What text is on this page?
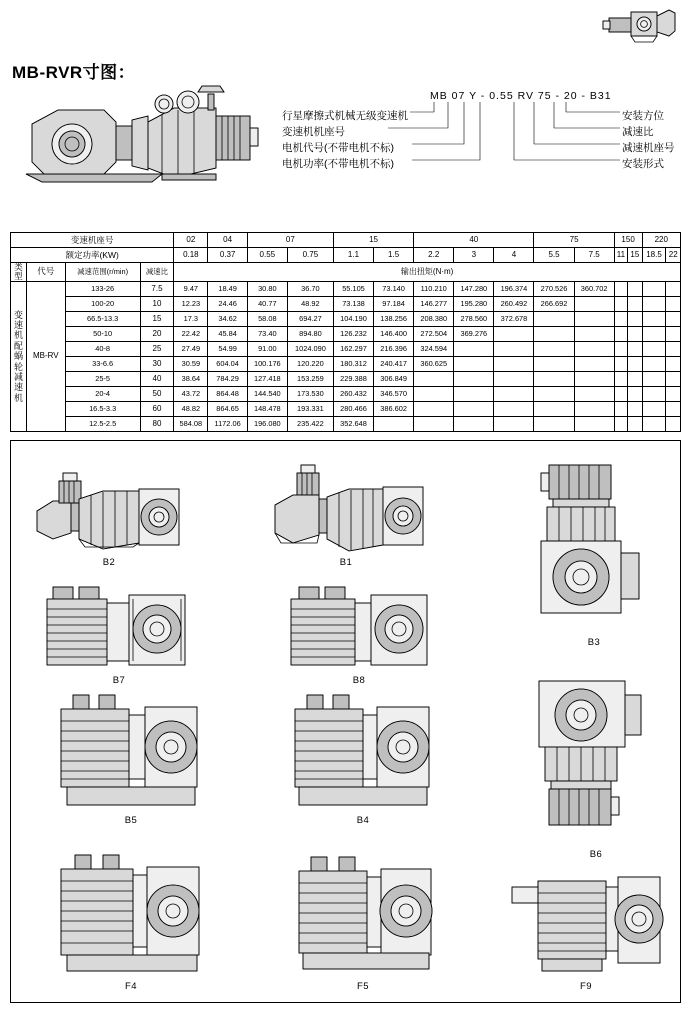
MB-RVR寸图：
MB 07 Y - 0.55 RV 75 - 20 - B31
行星摩擦式机械无级变速机
变速机机座号
电机代号(不带电机不标)
电机功率(不带电机不标)
安装方位
减速比
减速机座号
安装形式
变速机座号				02	04	07		15		40			75		150		220	
额定功率(KW)				0.18	0.37	0.55	0.75	1.1	1.5	2.2	3	4	5.5	7.5	11	15	18.5	22
类型	代号	减速范围(r/min)	减速比	输出扭矩(N·m)														
变速机配蜗轮减速机	MB-RV	133-26	7.5	9.47	18.49	30.80	36.70	55.105	73.140	110.210	147.280	196.374	270.526	360.702				
		100-20	10	12.23	24.46	40.77	48.92	73.138	97.184	146.277	195.280	260.492	266.692					
		66.5-13.3	15	17.3	34.62	58.08	694.27	104.190	138.256	208.380	278.560	372.678						
		50-10	20	22.42	45.84	73.40	894.80	126.232	146.400	272.504	369.276							
		40-8	25	27.49	54.99	91.00	1024.090	162.297	216.396	324.594								
		33-6.6	30	30.59	604.04	100.176	120.220	180.312	240.417	360.625								
		25-5	40	38.64	784.29	127.418	153.259	229.388	306.849									
		20-4	50	43.72	864.48	144.540	173.530	260.432	346.570									
		16.5-3.3	60	48.82	864.65	148.478	193.331	280.466	386.602									
		12.5-2.5	80	584.08	1172.06	196.080	235.422	352.648										
B2	B1
B3
B7	B8
B5	B4
B6
F4	F5	F9
